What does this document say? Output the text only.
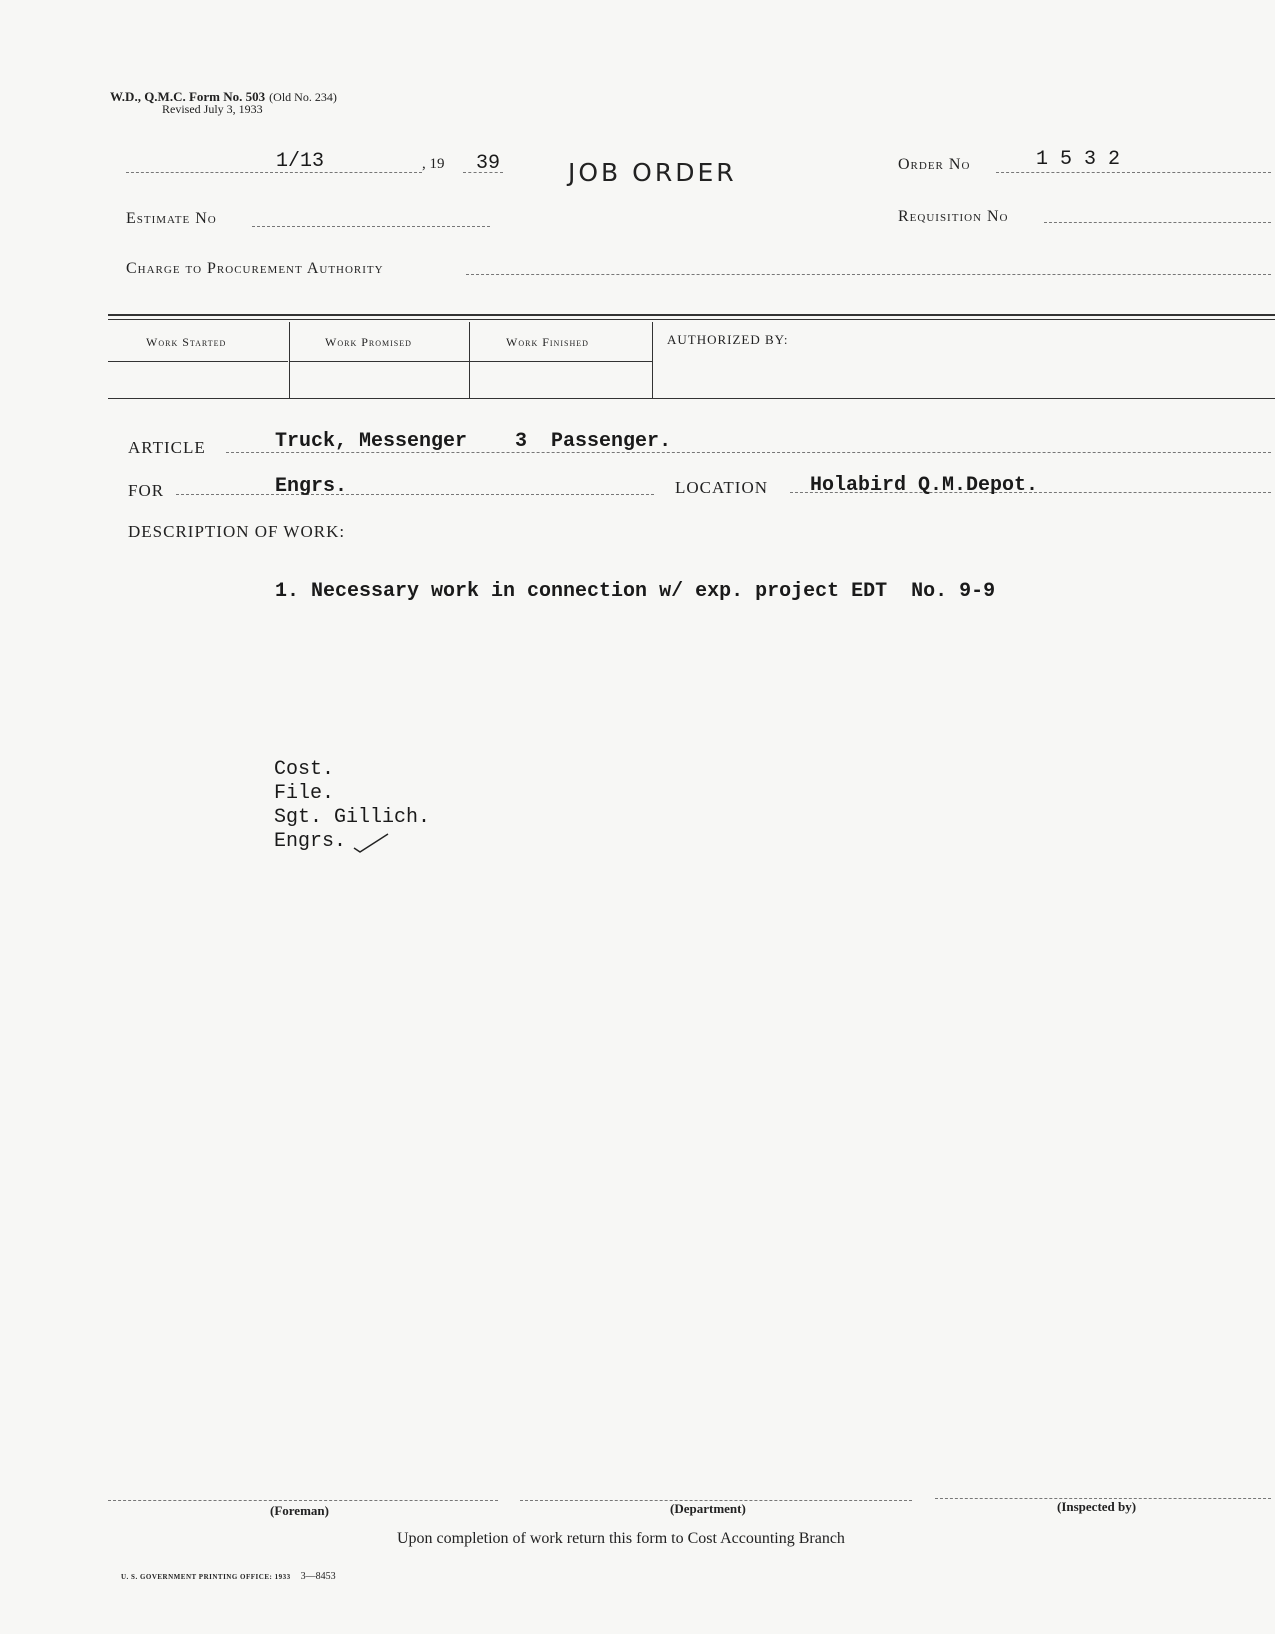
W.D., Q.M.C. Form No. 503 (Old No. 234)
Revised July 3, 1933
1/13	, 19 39	JOB ORDER	Order No	1 5 3 2
Estimate No	Requisition No
Charge to Procurement Authority
Work Started	Work Promised	Work Finished	AUTHORIZED BY:
ARTICLE	Truck, Messenger    3  Passenger.
FOR	Engrs.	LOCATION Holabird Q.M.Depot.
DESCRIPTION OF WORK:
1. Necessary work in connection w/ exp. project EDT  No. 9-9
Cost.
File.
Sgt. Gillich.
Engrs.
(Foreman)	(Department)	(Inspected by)
Upon completion of work return this form to Cost Accounting Branch
U. S. GOVERNMENT PRINTING OFFICE: 1933 3—8453
